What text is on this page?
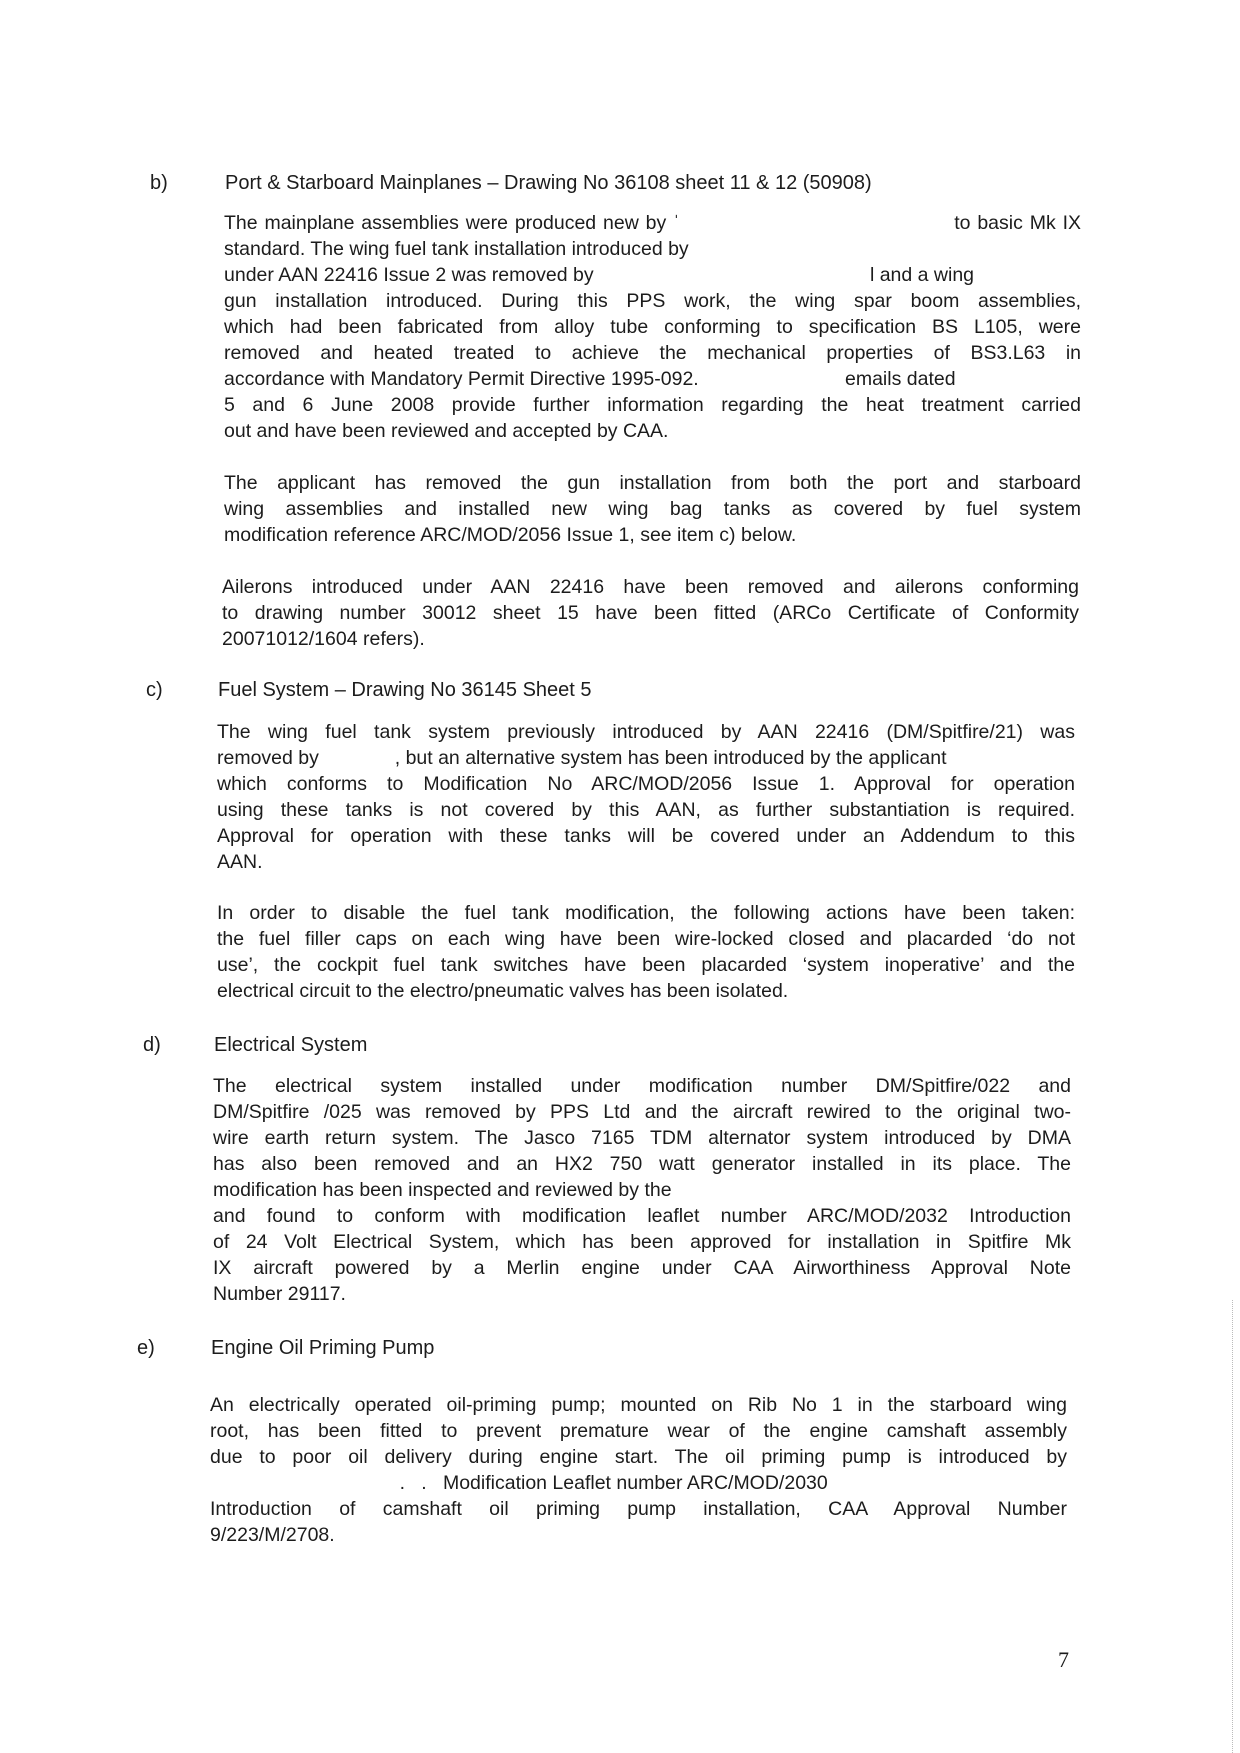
b)	Port & Starboard Mainplanes – Drawing No 36108 sheet 11 & 12 (50908)
The mainplane assemblies were produced new by ˈ                                        to basic Mk IX
standard. The wing fuel tank installation introduced by
under AAN 22416 Issue 2 was removed by                                                   l and a wing
gun installation introduced. During this PPS work, the wing spar boom assemblies,
which had been fabricated from alloy tube conforming to specification BS L105, were
removed and heated treated to achieve the mechanical properties of BS3.L63 in
accordance with Mandatory Permit Directive 1995-092.                           emails dated
5 and 6 June 2008 provide further information regarding the heat treatment carried
out and have been reviewed and accepted by CAA.
The applicant has removed the gun installation from both the port and starboard
wing assemblies and installed new wing bag tanks as covered by fuel system
modification reference ARC/MOD/2056 Issue 1, see item c) below.
Ailerons introduced under AAN 22416 have been removed and ailerons conforming
to drawing number 30012 sheet 15 have been fitted (ARCo Certificate of Conformity
20071012/1604 refers).
c)	Fuel System – Drawing No 36145 Sheet 5
The wing fuel tank system previously introduced by AAN 22416 (DM/Spitfire/21) was
removed by              , but an alternative system has been introduced by the applicant
which conforms to Modification No ARC/MOD/2056 Issue 1. Approval for operation
using these tanks is not covered by this AAN, as further substantiation is required.
Approval for operation with these tanks will be covered under an Addendum to this
AAN.
In order to disable the fuel tank modification, the following actions have been taken:
the fuel filler caps on each wing have been wire-locked closed and placarded ‘do not
use’, the cockpit fuel tank switches have been placarded ‘system inoperative’ and the
electrical circuit to the electro/pneumatic valves has been isolated.
d)	Electrical System
The electrical system installed under modification number DM/Spitfire/022 and
DM/Spitfire /025 was removed by PPS Ltd and the aircraft rewired to the original two-
wire earth return system. The Jasco 7165 TDM alternator system introduced by DMA
has also been removed and an HX2 750 watt generator installed in its place. The
modification has been inspected and reviewed by the
and found to conform with modification leaflet number ARC/MOD/2032 Introduction
of 24 Volt Electrical System, which has been approved for installation in Spitfire Mk
IX aircraft powered by a Merlin engine under CAA Airworthiness Approval Note
Number 29117.
e)	Engine Oil Priming Pump
An electrically operated oil-priming pump; mounted on Rib No 1 in the starboard wing
root, has been fitted to prevent premature wear of the engine camshaft assembly
due to poor oil delivery during engine start. The oil priming pump is introduced by
.   .   Modification Leaflet number ARC/MOD/2030
Introduction of camshaft oil priming pump installation, CAA Approval Number
9/223/M/2708.
7
